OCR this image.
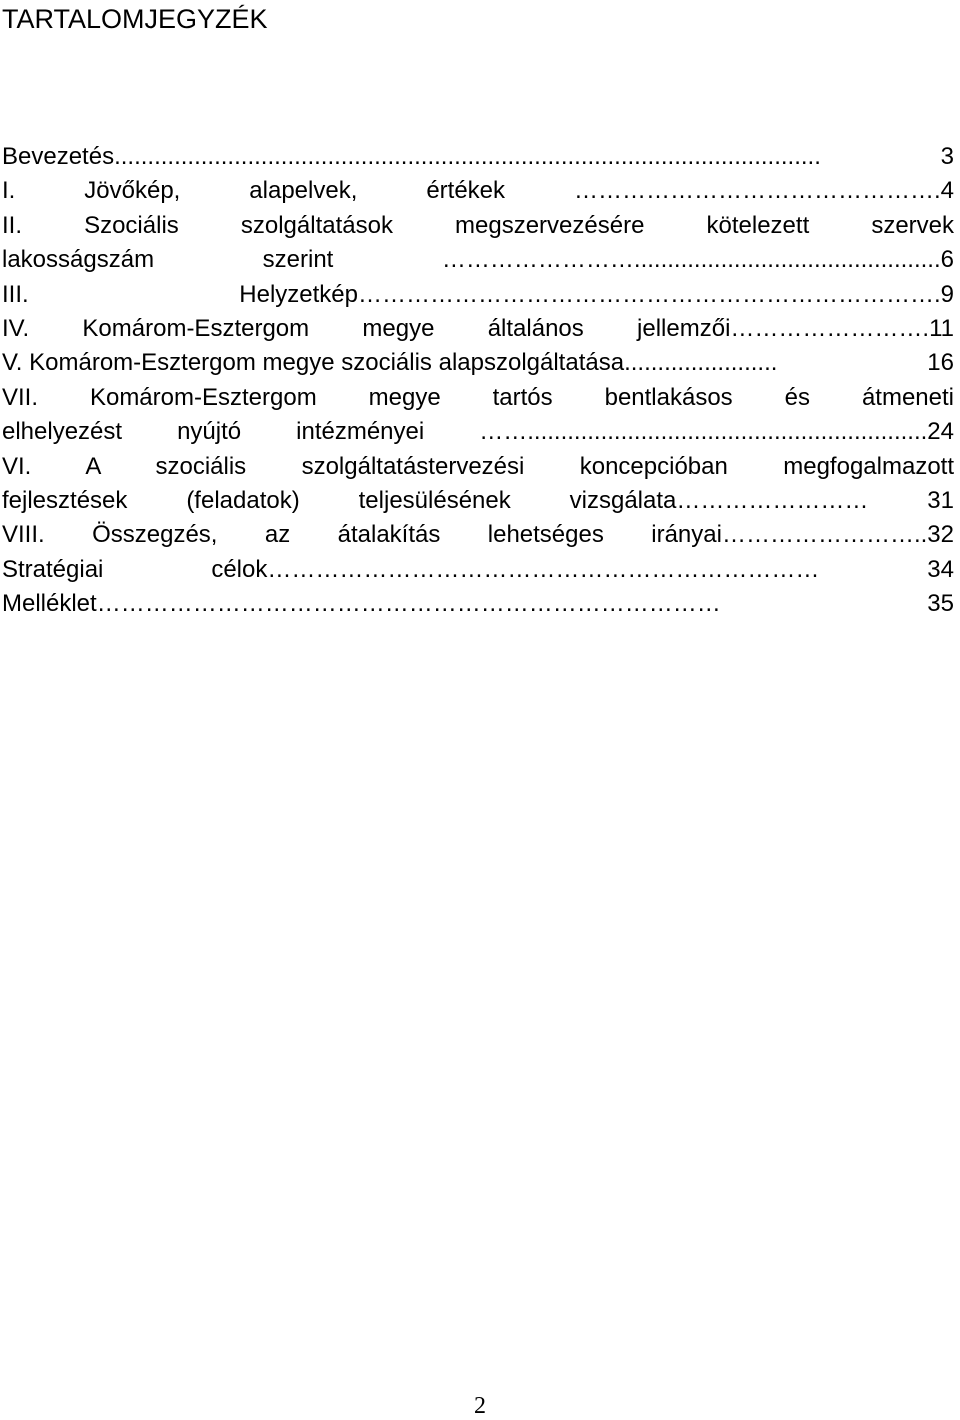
TARTALOMJEGYZÉK
Bevezetés ..........................................................................................................	3
I. Jövőkép, alapelvek, értékek ……………………………………….4
II. Szociális szolgáltatások megszervezésére kötelezett szervek
lakosságszám szerint ……………………..............................................6
III. Helyzetkép……………………………………………………………….9
IV. Komárom-Esztergom megye általános jellemzői…………………….11
V. Komárom-Esztergom megye szociális alapszolgáltatása .......................	16
VII. Komárom-Esztergom megye tartós bentlakásos és átmeneti
elhelyezést nyújtó intézményei ……............................................................24
VI. A szociális szolgáltatástervezési koncepcióban megfogalmazott
fejlesztések (feladatok) teljesülésének vizsgálata…………………… 31
VIII. Összegzés, az átalakítás lehetséges irányai……………………..32
Stratégiai célok…………………………………………………………… 34
Melléklet…………………………………………………………………… 35
2
